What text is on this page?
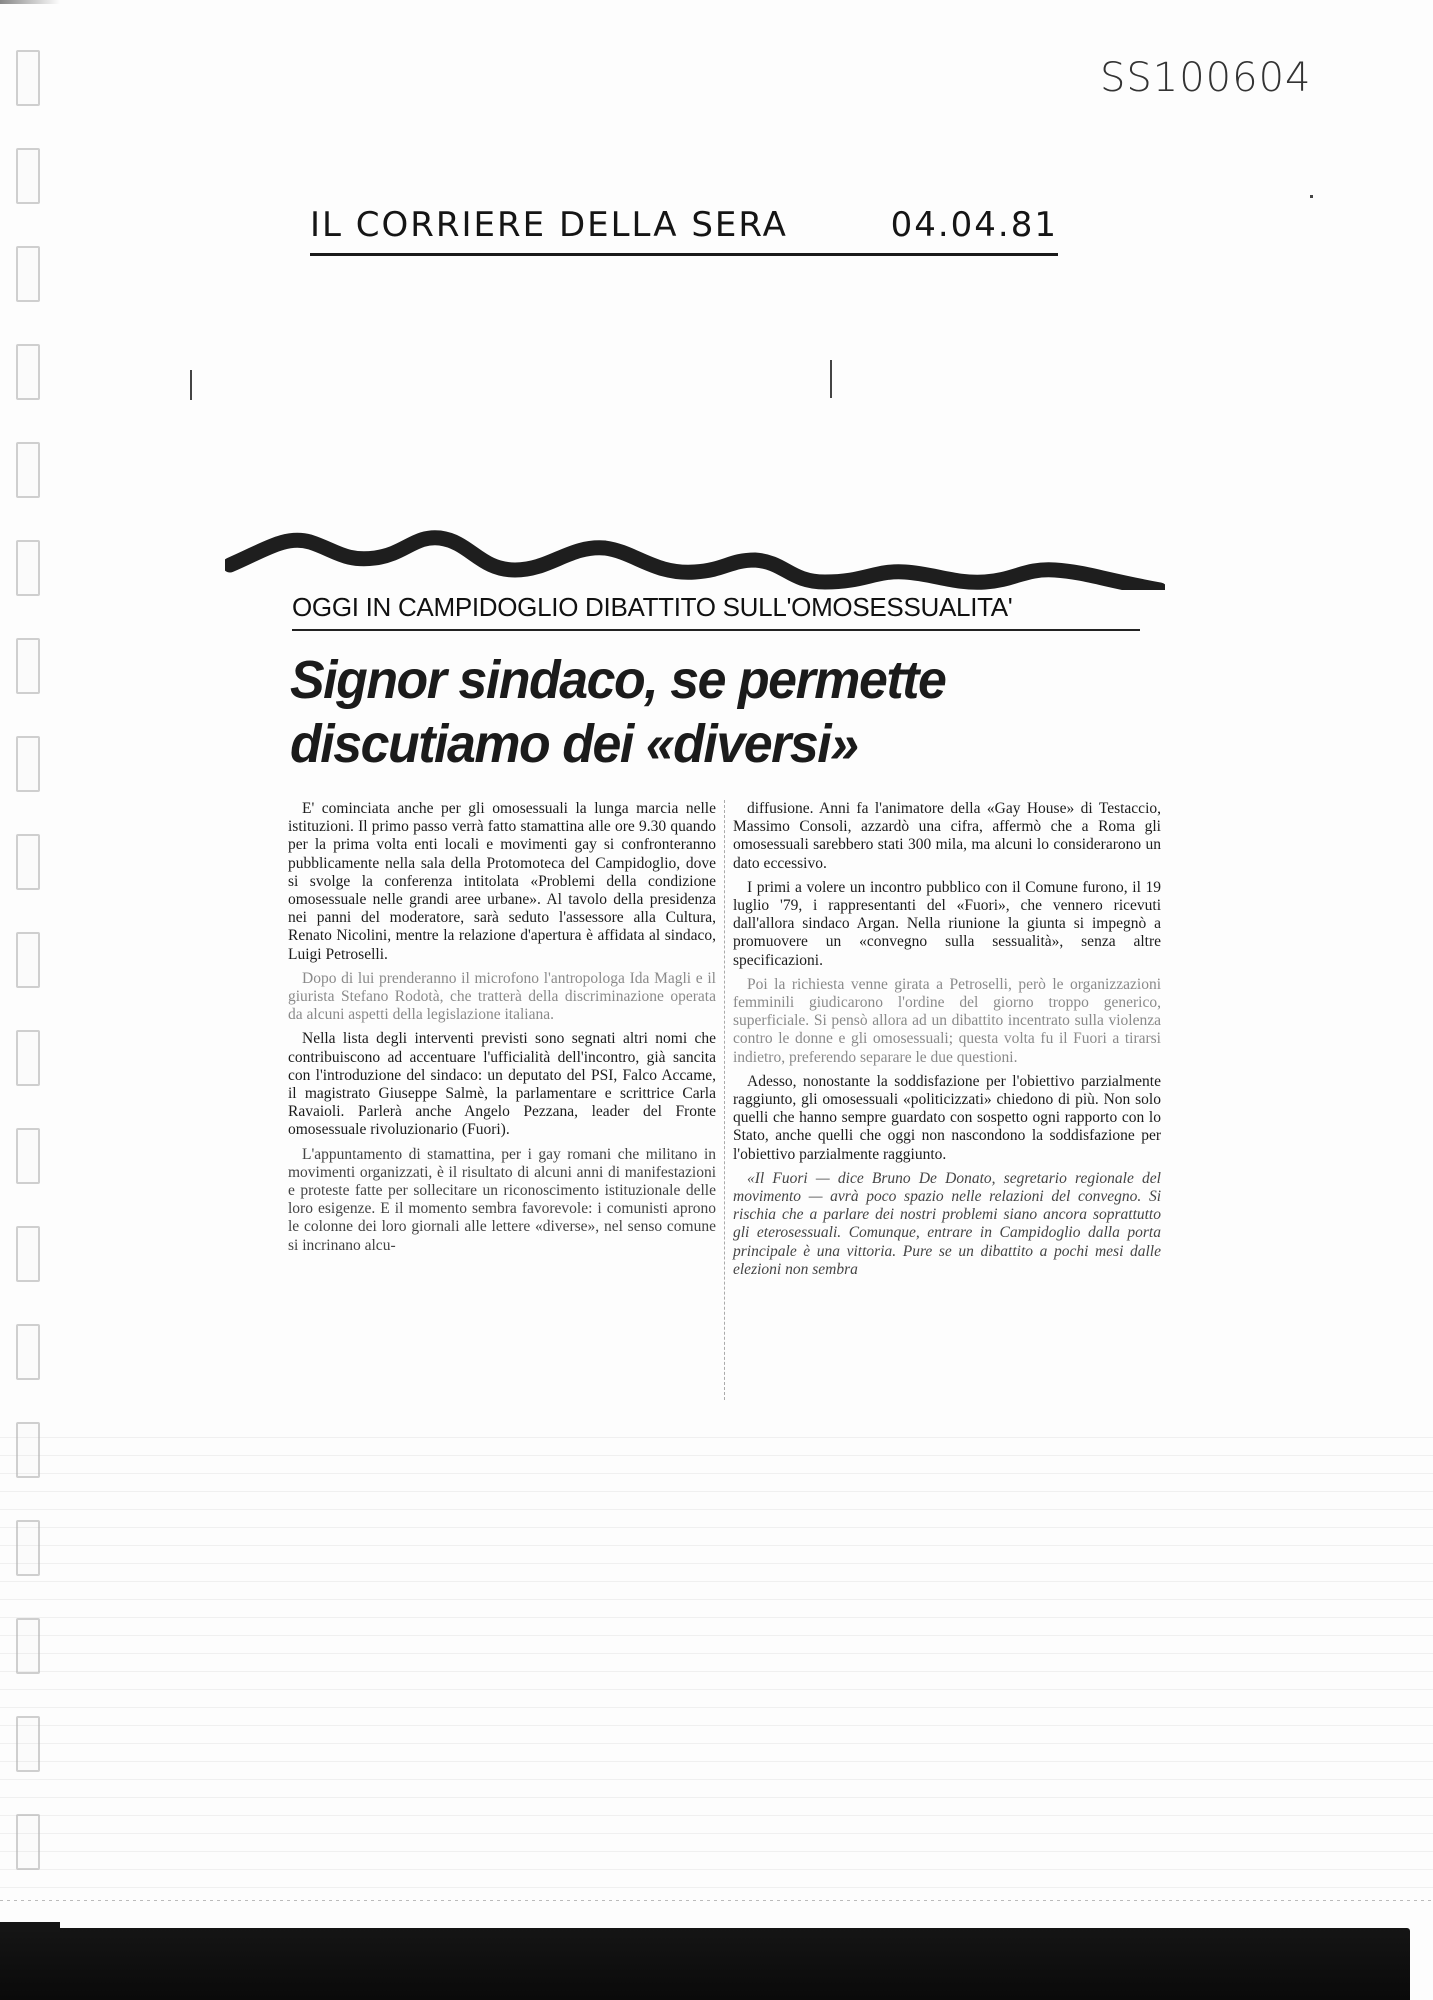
SS100604
IL CORRIERE DELLA SERA	04.04.81
OGGI IN CAMPIDOGLIO DIBATTITO SULL'OMOSESSUALITA'
Signor sindaco, se permette
discutiamo dei «diversi»

E' cominciata anche per gli omosessuali la lunga marcia nelle istituzioni. Il primo passo verrà fatto stamattina alle ore 9.30 quando per la prima volta enti locali e movimenti gay si confronteranno pubblicamente nella sala della Protomoteca del Campidoglio, dove si svolge la conferenza intitolata «Problemi della condizione omosessuale nelle grandi aree urbane». Al tavolo della presidenza nei panni del moderatore, sarà seduto l'assessore alla Cultura, Renato Nicolini, mentre la relazione d'apertura è affidata al sindaco, Luigi Petroselli.

Dopo di lui prenderanno il microfono l'antropologa Ida Magli e il giurista Stefano Rodotà, che tratterà della discriminazione operata da alcuni aspetti della legislazione italiana.

Nella lista degli interventi previsti sono segnati altri nomi che contribuiscono ad accentuare l'ufficialità dell'incontro, già sancita con l'introduzione del sindaco: un deputato del PSI, Falco Accame, il magistrato Giuseppe Salmè, la parlamentare e scrittrice Carla Ravaioli. Parlerà anche Angelo Pezzana, leader del Fronte omosessuale rivoluzionario (Fuori).

L'appuntamento di stamattina, per i gay romani che militano in movimenti organizzati, è il risultato di alcuni anni di manifestazioni e proteste fatte per sollecitare un riconoscimento istituzionale delle loro esigenze. E il momento sembra favorevole: i comunisti aprono le colonne dei loro giornali alle lettere «diverse», nel senso comune si incrinano alcu-

diffusione. Anni fa l'animatore della «Gay House» di Testaccio, Massimo Consoli, azzardò una cifra, affermò che a Roma gli omosessuali sarebbero stati 300 mila, ma alcuni lo considerarono un dato eccessivo.

I primi a volere un incontro pubblico con il Comune furono, il 19 luglio '79, i rappresentanti del «Fuori», che vennero ricevuti dall'allora sindaco Argan. Nella riunione la giunta si impegnò a promuovere un «convegno sulla sessualità», senza altre specificazioni.

Poi la richiesta venne girata a Petroselli, però le organizzazioni femminili giudicarono l'ordine del giorno troppo generico, superficiale. Si pensò allora ad un dibattito incentrato sulla violenza contro le donne e gli omosessuali; questa volta fu il Fuori a tirarsi indietro, preferendo separare le due questioni.

Adesso, nonostante la soddisfazione per l'obiettivo parzialmente raggiunto, gli omosessuali «politicizzati» chiedono di più. Non solo quelli che hanno sempre guardato con sospetto ogni rapporto con lo Stato, anche quelli che oggi non nascondono la soddisfazione per l'obiettivo parzialmente raggiunto.

«Il Fuori — dice Bruno De Donato, segretario regionale del movimento — avrà poco spazio nelle relazioni del convegno. Si rischia che a parlare dei nostri problemi siano ancora soprattutto gli eterosessuali. Comunque, entrare in Campidoglio dalla porta principale è una vittoria. Pure se un dibattito a pochi mesi dalle elezioni non sembra
